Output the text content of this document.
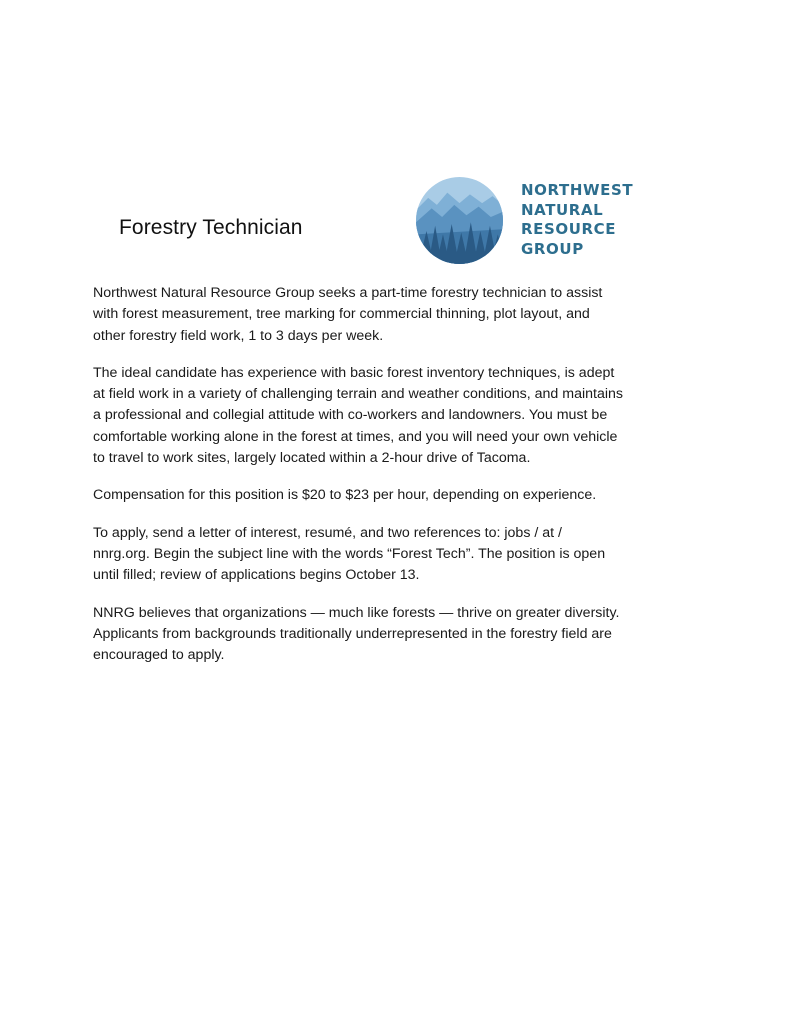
Forestry Technician
NORTHWEST
NATURAL
RESOURCE
GROUP

Northwest Natural Resource Group seeks a part-time forestry technician to assist
with forest measurement, tree marking for commercial thinning, plot layout, and
other forestry field work, 1 to 3 days per week.

The ideal candidate has experience with basic forest inventory techniques, is adept
at field work in a variety of challenging terrain and weather conditions, and maintains
a professional and collegial attitude with co-workers and landowners. You must be
comfortable working alone in the forest at times, and you will need your own vehicle
to travel to work sites, largely located within a 2-hour drive of Tacoma.

Compensation for this position is $20 to $23 per hour, depending on experience.

To apply, send a letter of interest, resumé, and two references to: jobs / at /
nnrg.org. Begin the subject line with the words “Forest Tech”. The position is open
until filled; review of applications begins October 13.

NNRG believes that organizations — much like forests — thrive on greater diversity.
Applicants from backgrounds traditionally underrepresented in the forestry field are
encouraged to apply.
